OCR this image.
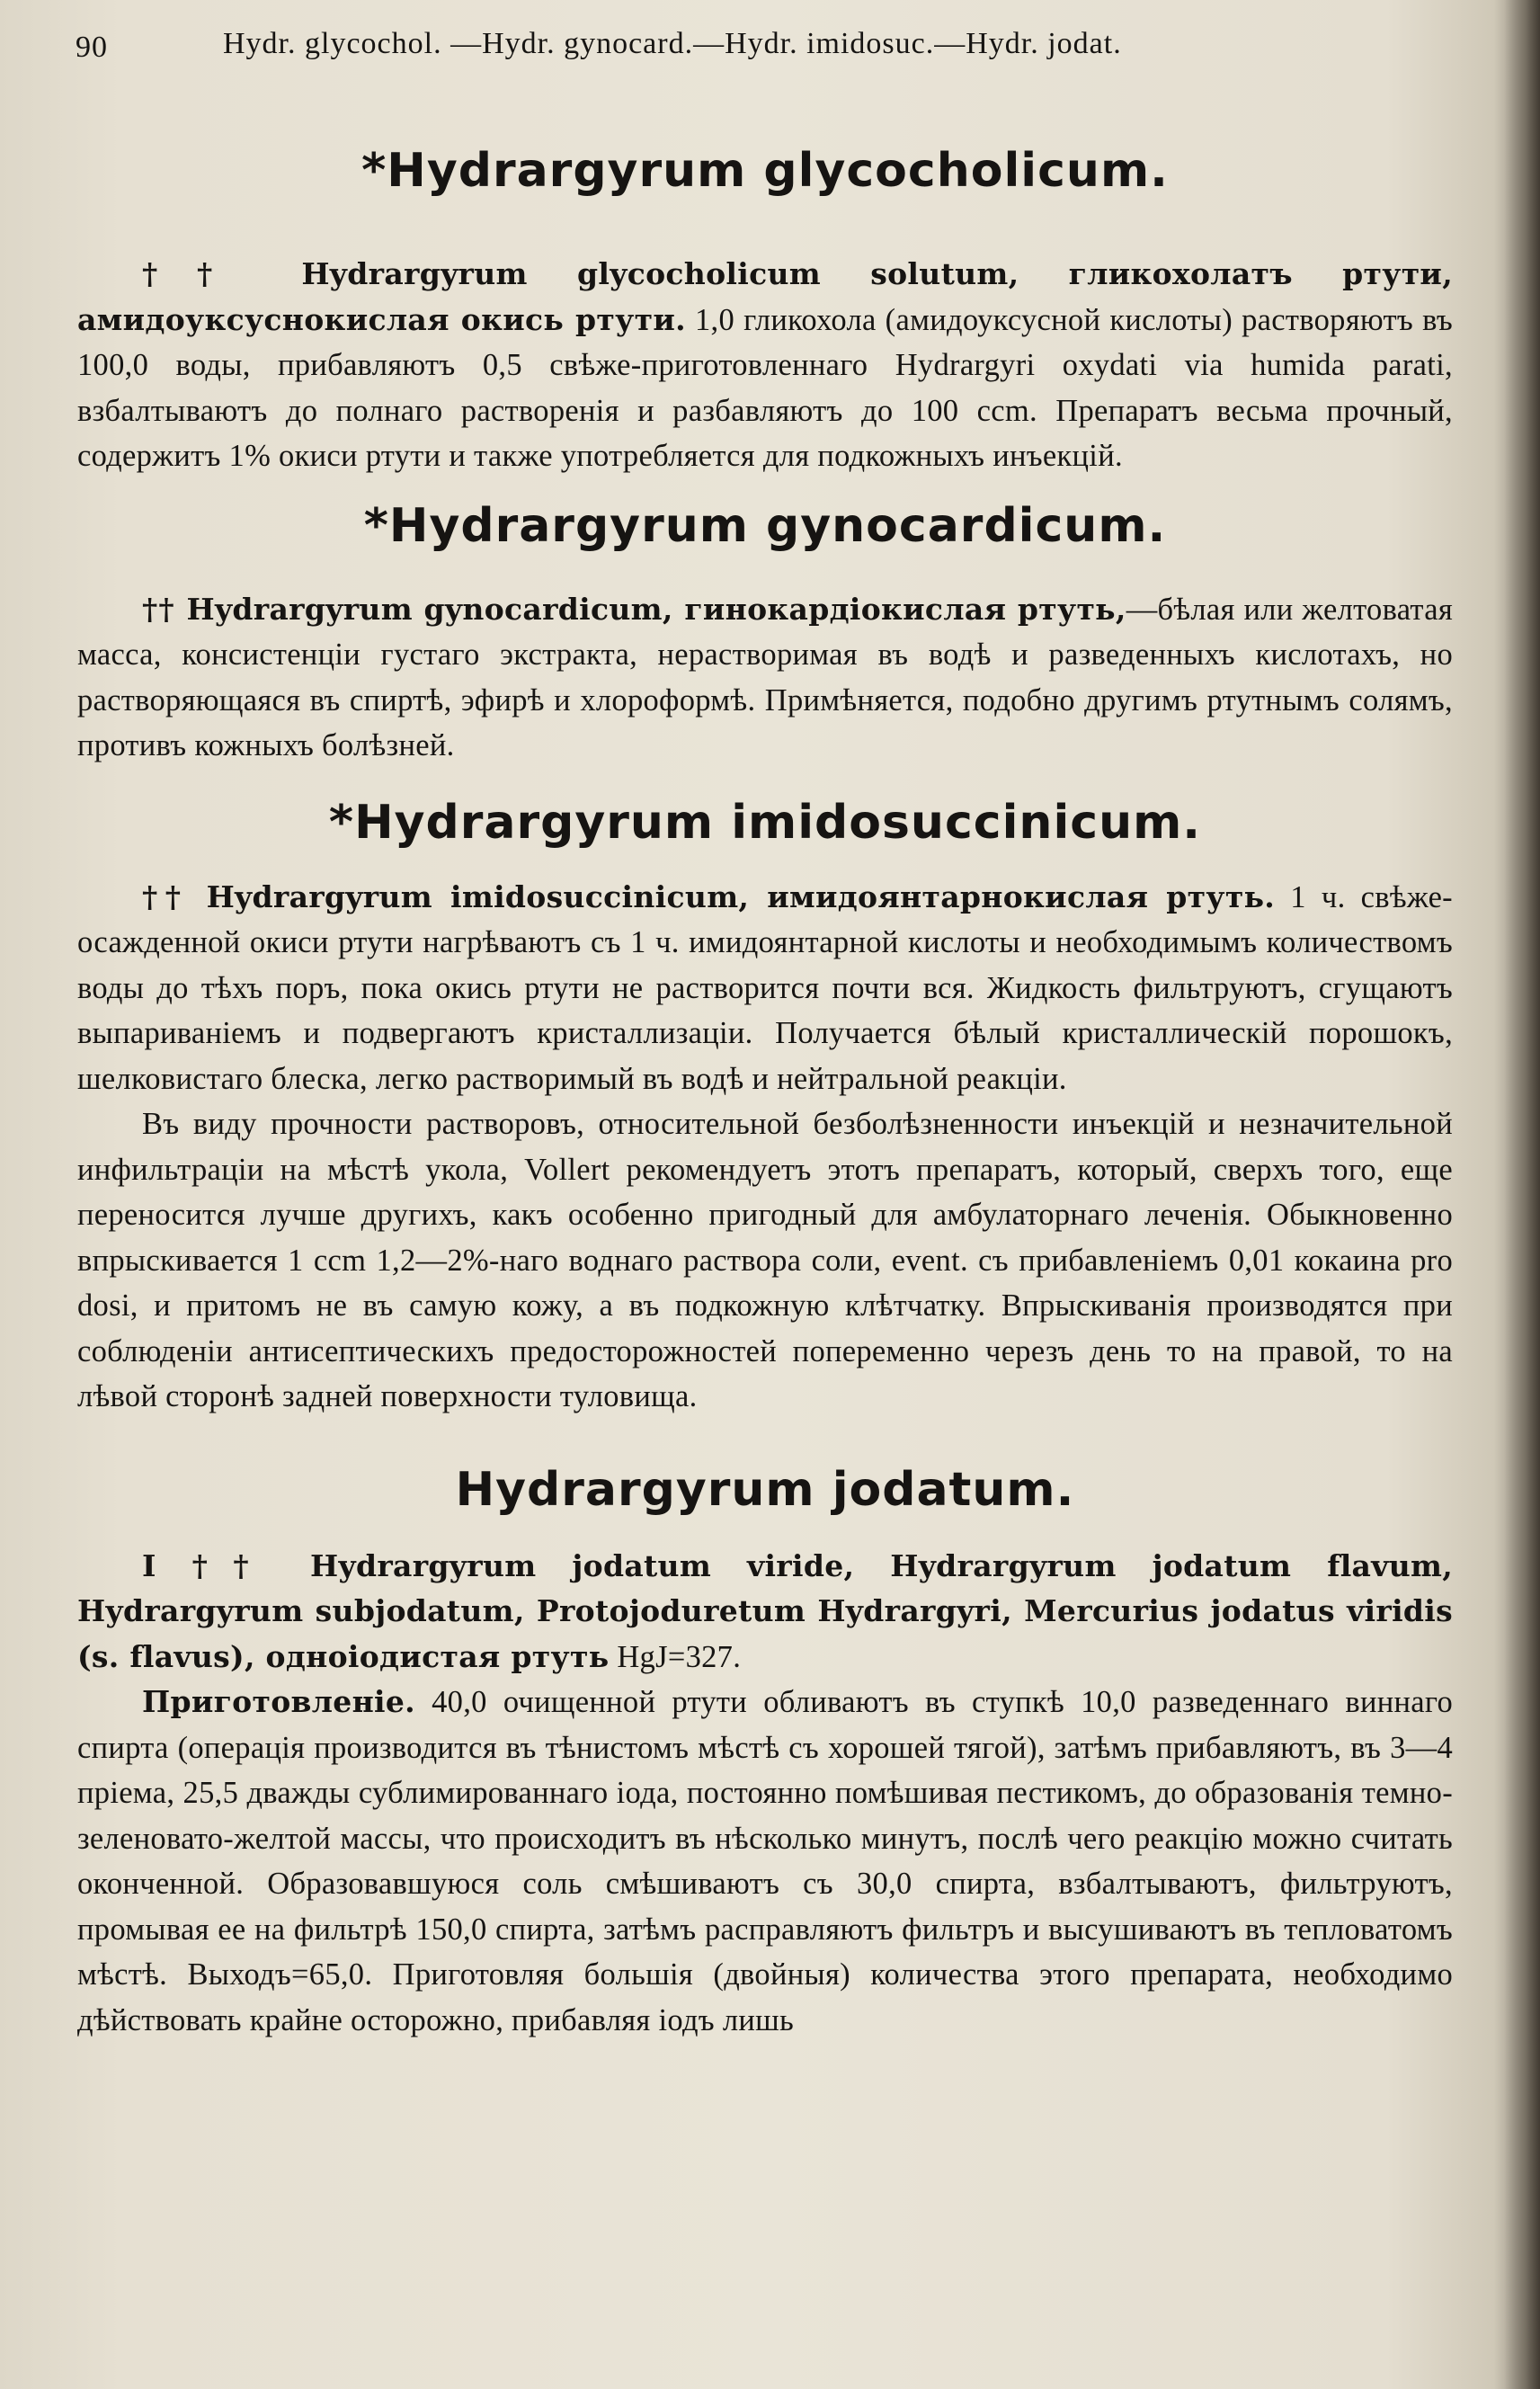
90	Hydr. glycochol. —Hydr. gynocard.—Hydr. imidosuc.—Hydr. jodat.
*Hydrargyrum glycocholicum.

†† Hydrargyrum glycocholicum solutum, гликохолатъ ртути, амидоуксуснокислая окись ртути. 1,0 гликохола (амидоуксусной кислоты) растворяютъ въ 100,0 воды, прибавляютъ 0,5 свѣже-приготовленнаго Hydrargyri oxydati via humida parati, взбалтываютъ до полнаго растворенія и разбавляютъ до 100 ccm. Препаратъ весьма прочный, содержитъ 1% окиси ртути и также употребляется для подкожныхъ инъекцій.

*Hydrargyrum gynocardicum.

†† Hydrargyrum gynocardicum, гинокардіокислая ртуть,—бѣлая или желтоватая масса, консистенціи густаго экстракта, нерастворимая въ водѣ и разведенныхъ кислотахъ, но растворяющаяся въ спиртѣ, эфирѣ и хлороформѣ. Примѣняется, подобно другимъ ртутнымъ солямъ, противъ кожныхъ болѣзней.

*Hydrargyrum imidosuccinicum.

†† Hydrargyrum imidosuccinicum, имидоянтарнокислая ртуть. 1 ч. свѣже-осажденной окиси ртути нагрѣваютъ съ 1 ч. имидоянтарной кислоты и необходимымъ количествомъ воды до тѣхъ поръ, пока окись ртути не растворится почти вся. Жидкость фильтруютъ, сгущаютъ выпариваніемъ и подвергаютъ кристаллизаціи. Получается бѣлый кристаллическій порошокъ, шелковистаго блеска, легко растворимый въ водѣ и нейтральной реакціи.

Въ виду прочности растворовъ, относительной безболѣзненности инъекцій и незначительной инфильтраціи на мѣстѣ укола, Vollert рекомендуетъ этотъ препаратъ, который, сверхъ того, еще переносится лучше другихъ, какъ особенно пригодный для амбулаторнаго леченія. Обыкновенно впрыскивается 1 ccm 1,2—2%-наго воднаго раствора соли, event. съ прибавленіемъ 0,01 кокаина pro dosi, и притомъ не въ самую кожу, а въ подкожную клѣтчатку. Впрыскиванія производятся при соблюденіи антисептическихъ предосторожностей попеременно черезъ день то на правой, то на лѣвой сторонѣ задней поверхности туловища.

Hydrargyrum jodatum.

I †† Hydrargyrum jodatum viride, Hydrargyrum jodatum flavum, Hydrargyrum subjodatum, Protojoduretum Hydrargyri, Mercurius jodatus viridis (s. flavus), одноіодистая ртуть HgJ=327.

Приготовленіе. 40,0 очищенной ртути обливаютъ въ ступкѣ 10,0 разведеннаго виннаго спирта (операція производится въ тѣнистомъ мѣстѣ съ хорошей тягой), затѣмъ прибавляютъ, въ 3—4 пріема, 25,5 дважды сублимированнаго іода, постоянно помѣшивая пестикомъ, до образованія темно-зеленовато-желтой массы, что происходитъ въ нѣсколько минутъ, послѣ чего реакцію можно считать оконченной. Образовавшуюся соль смѣшиваютъ съ 30,0 спирта, взбалтываютъ, фильтруютъ, промывая ее на фильтрѣ 150,0 спирта, затѣмъ расправляютъ фильтръ и высушиваютъ въ тепловатомъ мѣстѣ. Выходъ=65,0. Приготовляя большія (двойныя) количества этого препарата, необходимо дѣйствовать крайне осторожно, прибавляя іодъ лишь
